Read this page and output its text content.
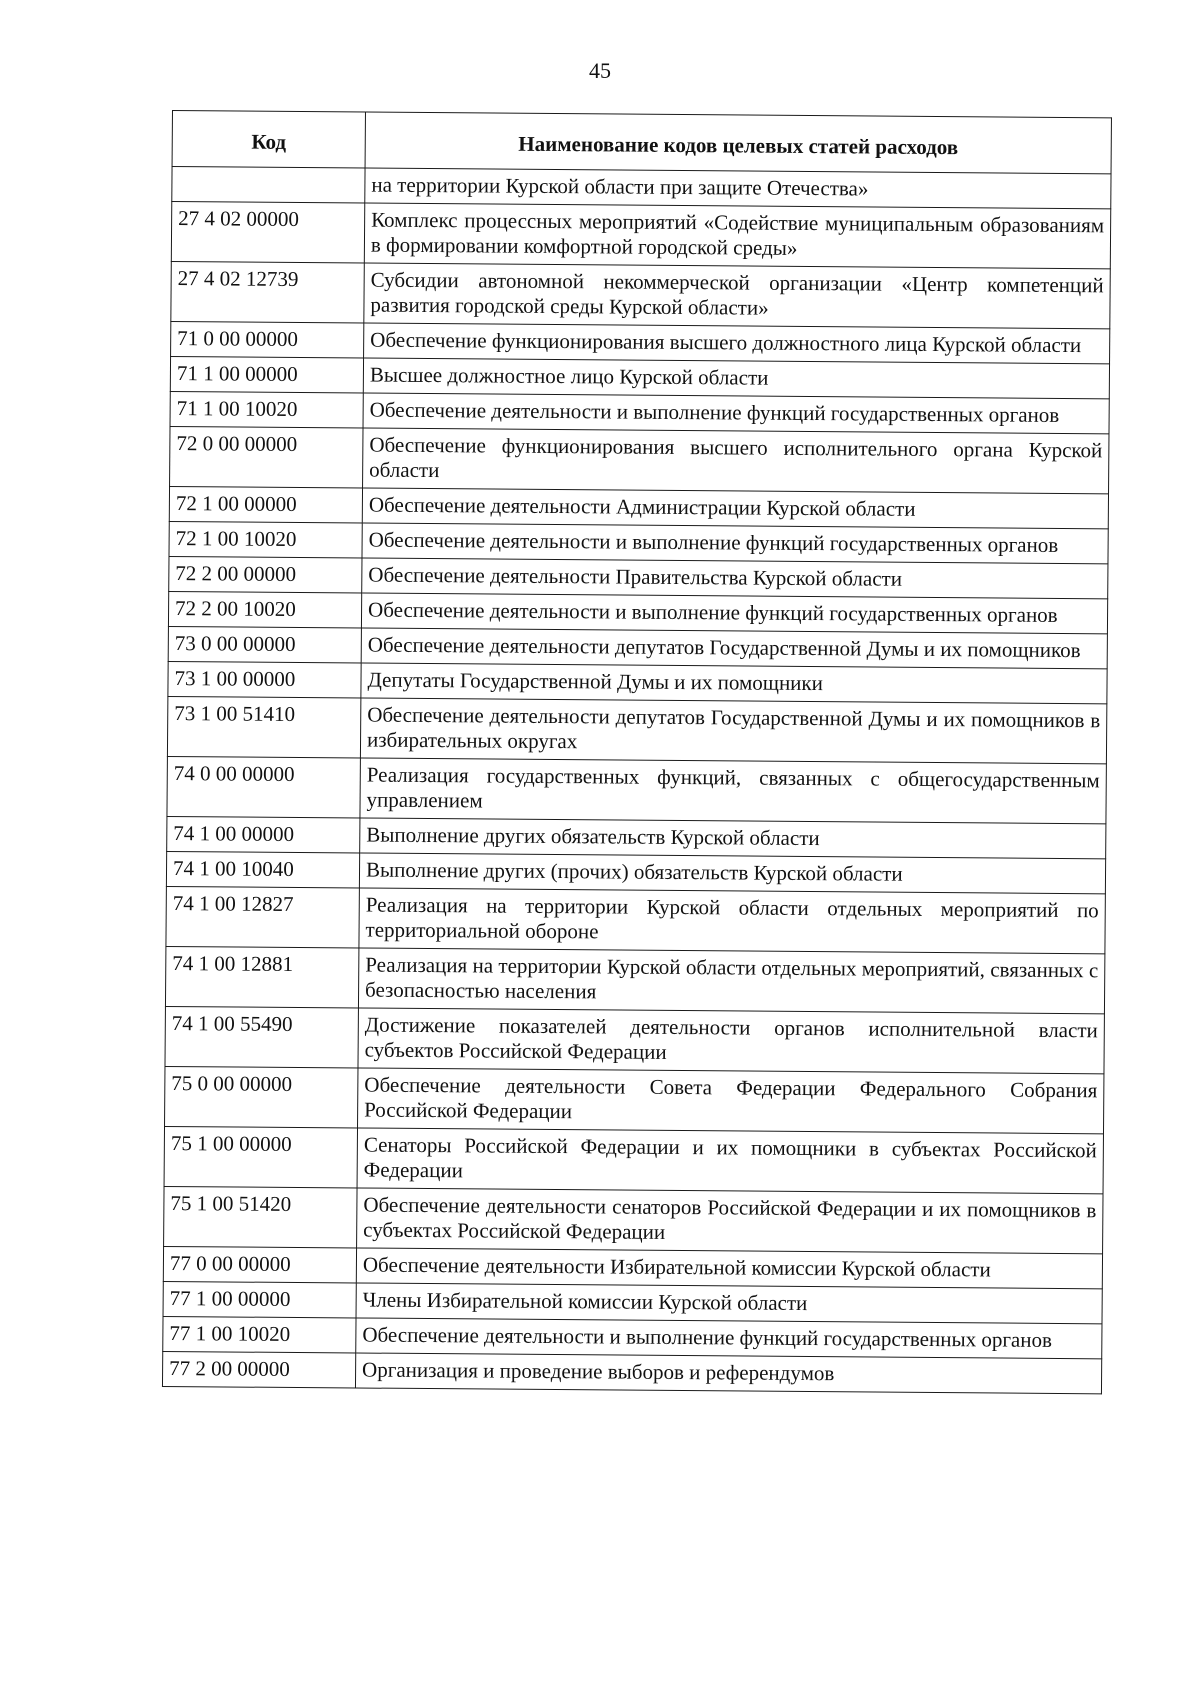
45
Код	Наименование кодов целевых статей расходов
	на территории Курской области при защите Отечества»
27 4 02 00000	Комплекс процессных мероприятий «Содействие муниципальным образованиям в формировании комфортной городской среды»
27 4 02 12739	Субсидии автономной некоммерческой организации «Центр компетенций развития городской среды Курской области»
71 0 00 00000	Обеспечение функционирования высшего должностного лица Курской области
71 1 00 00000	Высшее должностное лицо Курской области
71 1 00 10020	Обеспечение деятельности и выполнение функций государственных органов
72 0 00 00000	Обеспечение функционирования высшего исполнительного органа Курской области
72 1 00 00000	Обеспечение деятельности Администрации Курской области
72 1 00 10020	Обеспечение деятельности и выполнение функций государственных органов
72 2 00 00000	Обеспечение деятельности Правительства Курской области
72 2 00 10020	Обеспечение деятельности и выполнение функций государственных органов
73 0 00 00000	Обеспечение деятельности депутатов Государственной Думы и их помощников
73 1 00 00000	Депутаты Государственной Думы и их помощники
73 1 00 51410	Обеспечение деятельности депутатов Государственной Думы и их помощников в избирательных округах
74 0 00 00000	Реализация государственных функций, связанных с общегосударственным управлением
74 1 00 00000	Выполнение других обязательств Курской области
74 1 00 10040	Выполнение других (прочих) обязательств Курской области
74 1 00 12827	Реализация на территории Курской области отдельных мероприятий по территориальной обороне
74 1 00 12881	Реализация на территории Курской области отдельных мероприятий, связанных с безопасностью населения
74 1 00 55490	Достижение показателей деятельности органов исполнительной власти субъектов Российской Федерации
75 0 00 00000	Обеспечение деятельности Совета Федерации Федерального Собрания Российской Федерации
75 1 00 00000	Сенаторы Российской Федерации и их помощники в субъектах Российской Федерации
75 1 00 51420	Обеспечение деятельности сенаторов Российской Федерации и их помощников в субъектах Российской Федерации
77 0 00 00000	Обеспечение деятельности Избирательной комиссии Курской области
77 1 00 00000	Члены Избирательной комиссии Курской области
77 1 00 10020	Обеспечение деятельности и выполнение функций государственных органов
77 2 00 00000	Организация и проведение выборов и референдумов
